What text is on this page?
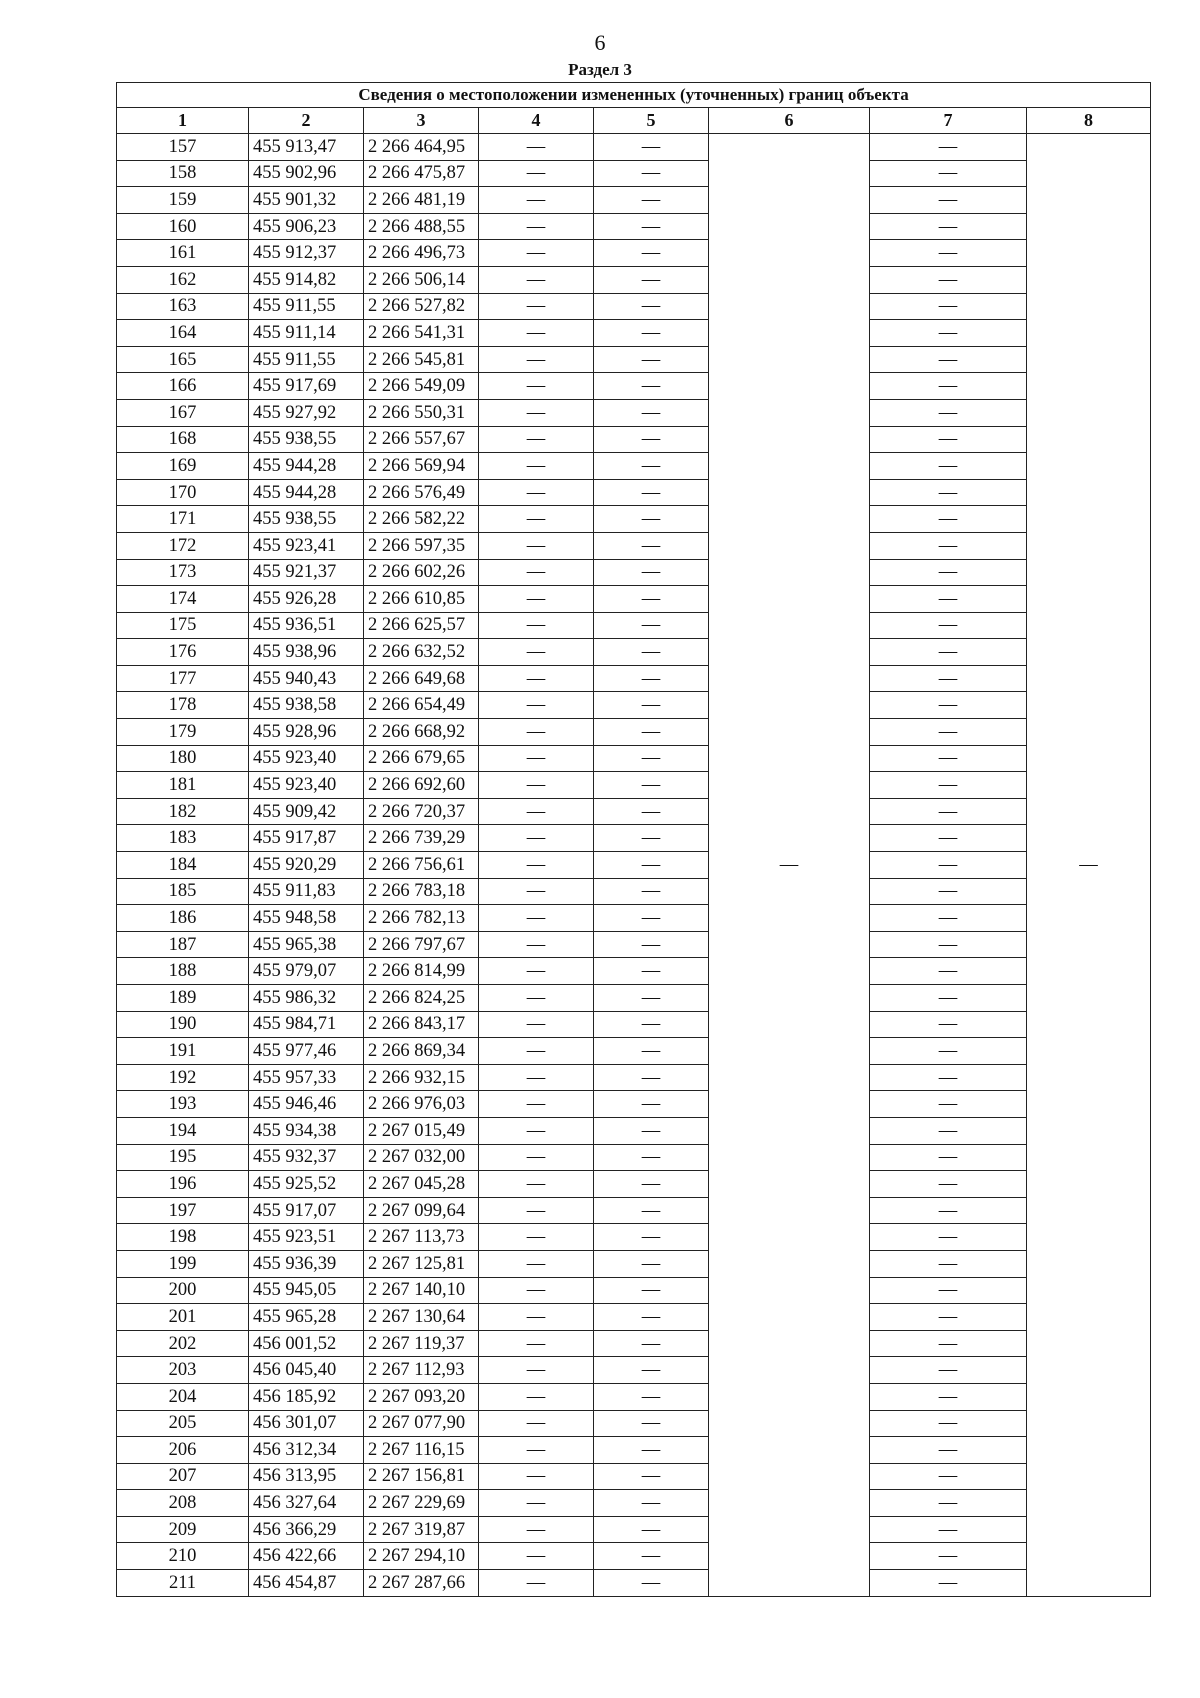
6
Раздел 3
Сведения о местоположении измененных (уточненных) границ объекта							
1	2	3	4	5	6	7	8
157	455 913,47	2 266 464,95	—	—	—	—	—
158	455 902,96	2 266 475,87	—	—		—	
159	455 901,32	2 266 481,19	—	—		—	
160	455 906,23	2 266 488,55	—	—		—	
161	455 912,37	2 266 496,73	—	—		—	
162	455 914,82	2 266 506,14	—	—		—	
163	455 911,55	2 266 527,82	—	—		—	
164	455 911,14	2 266 541,31	—	—		—	
165	455 911,55	2 266 545,81	—	—		—	
166	455 917,69	2 266 549,09	—	—		—	
167	455 927,92	2 266 550,31	—	—		—	
168	455 938,55	2 266 557,67	—	—		—	
169	455 944,28	2 266 569,94	—	—		—	
170	455 944,28	2 266 576,49	—	—		—	
171	455 938,55	2 266 582,22	—	—		—	
172	455 923,41	2 266 597,35	—	—		—	
173	455 921,37	2 266 602,26	—	—		—	
174	455 926,28	2 266 610,85	—	—		—	
175	455 936,51	2 266 625,57	—	—		—	
176	455 938,96	2 266 632,52	—	—		—	
177	455 940,43	2 266 649,68	—	—		—	
178	455 938,58	2 266 654,49	—	—		—	
179	455 928,96	2 266 668,92	—	—		—	
180	455 923,40	2 266 679,65	—	—		—	
181	455 923,40	2 266 692,60	—	—		—	
182	455 909,42	2 266 720,37	—	—		—	
183	455 917,87	2 266 739,29	—	—		—	
184	455 920,29	2 266 756,61	—	—		—	
185	455 911,83	2 266 783,18	—	—		—	
186	455 948,58	2 266 782,13	—	—		—	
187	455 965,38	2 266 797,67	—	—		—	
188	455 979,07	2 266 814,99	—	—		—	
189	455 986,32	2 266 824,25	—	—		—	
190	455 984,71	2 266 843,17	—	—		—	
191	455 977,46	2 266 869,34	—	—		—	
192	455 957,33	2 266 932,15	—	—		—	
193	455 946,46	2 266 976,03	—	—		—	
194	455 934,38	2 267 015,49	—	—		—	
195	455 932,37	2 267 032,00	—	—		—	
196	455 925,52	2 267 045,28	—	—		—	
197	455 917,07	2 267 099,64	—	—		—	
198	455 923,51	2 267 113,73	—	—		—	
199	455 936,39	2 267 125,81	—	—		—	
200	455 945,05	2 267 140,10	—	—		—	
201	455 965,28	2 267 130,64	—	—		—	
202	456 001,52	2 267 119,37	—	—		—	
203	456 045,40	2 267 112,93	—	—		—	
204	456 185,92	2 267 093,20	—	—		—	
205	456 301,07	2 267 077,90	—	—		—	
206	456 312,34	2 267 116,15	—	—		—	
207	456 313,95	2 267 156,81	—	—		—	
208	456 327,64	2 267 229,69	—	—		—	
209	456 366,29	2 267 319,87	—	—		—	
210	456 422,66	2 267 294,10	—	—		—	
211	456 454,87	2 267 287,66	—	—		—	
